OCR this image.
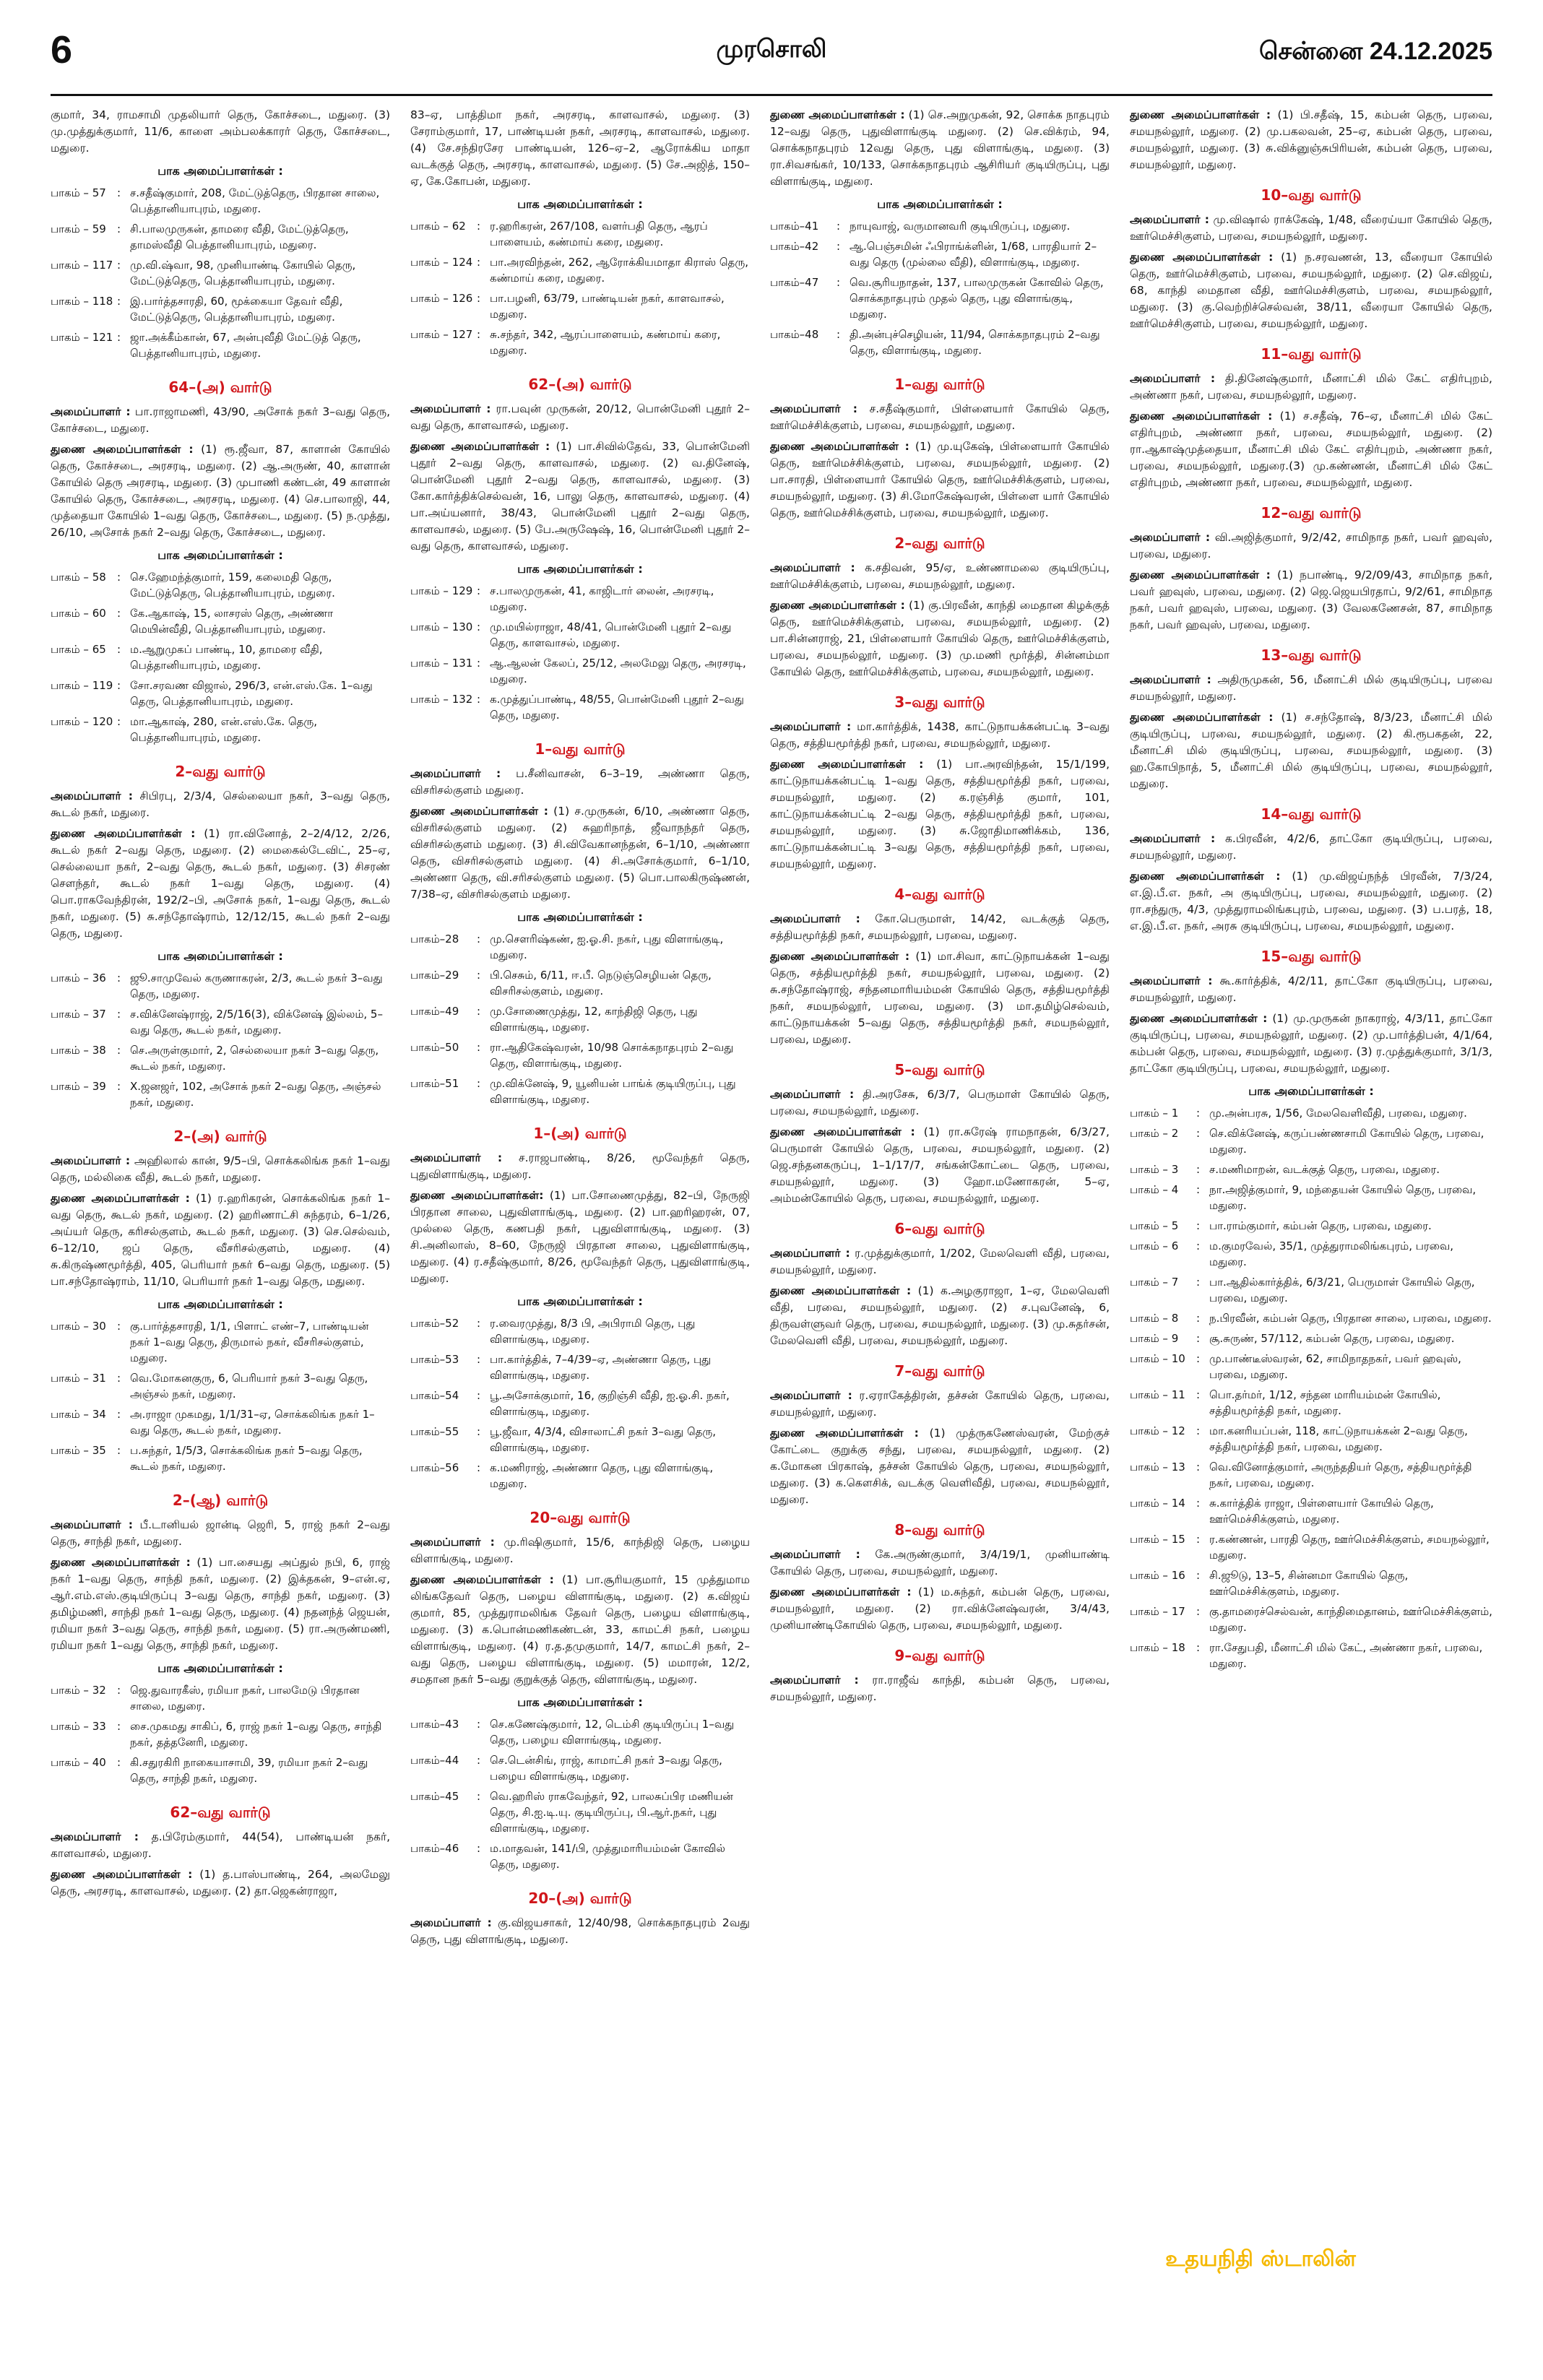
6	முரசொலி	சென்னை 24.12.2025

குமார், 34, ராமசாமி முதலியார் தெரு, கோச்சடை, மதுரை. (3) மு.முத்துக்குமார், 11/6, காளை அம்பலக்காரர் தெரு, கோச்சடை, மதுரை.

பாக அமைப்பாளர்கள் :
பாகம் – 57	:	ச.சதீஷ்குமார், 208, மேட்டுத்தெரு, பிரதான சாலை, பெத்தானியாபுரம், மதுரை.
பாகம் – 59	:	சி.பாலமுருகன், தாமரை வீதி, மேட்டுத்தெரு, தாமஸ்வீதி பெத்தானியாபுரம், மதுரை.
பாகம் – 117	:	மு.வி.ஷ்வா, 98, முனியாண்டி கோயில் தெரு, மேட்டுத்தெரு, பெத்தானியாபுரம், மதுரை.
பாகம் – 118	:	இ.பார்த்தசாரதி, 60, மூக்கையா தேவர் வீதி, மேட்டுத்தெரு, பெத்தானியாபுரம், மதுரை.
பாகம் – 121	:	ஜா.அக்கீம்கான், 67, அன்புவீதி மேட்டுத் தெரு, பெத்தானியாபுரம், மதுரை.
64–(அ) வார்டு

அமைப்பாளர் : பா.ராஜாமணி, 43/90, அசோக் நகர் 3–வது தெரு, கோச்சடை, மதுரை.

துணை அமைப்பாளர்கள் : (1) ரூ.ஜீவா, 87, காளான் கோயில் தெரு, கோச்சடை, அரசரடி, மதுரை. (2) ஆ.அருண், 40, காளான் கோயில் தெரு அரசரடி, மதுரை. (3) முபாணி கண்டன், 49 காளான் கோயில் தெரு, கோச்சடை, அரசரடி, மதுரை. (4) செ.பாலாஜி, 44, முத்தையா கோயில் 1–வது தெரு, கோச்சடை, மதுரை. (5) ந.முத்து, 26/10, அசோக் நகர் 2–வது தெரு, கோச்சடை, மதுரை.

பாக அமைப்பாளர்கள் :
பாகம் – 58	:	செ.ஹேமந்த்குமார், 159, கலைமதி தெரு, மேட்டுத்தெரு, பெத்தானியாபுரம், மதுரை.
பாகம் – 60	:	கே.ஆகாஷ், 15, லாசரஸ் தெரு, அண்ணா மெயின்வீதி, பெத்தானியாபுரம், மதுரை.
பாகம் – 65	:	ம.ஆறுமுகப் பாண்டி, 10, தாமரை வீதி, பெத்தானியாபுரம், மதுரை.
பாகம் – 119	:	சோ.சரவண விஜால், 296/3, என்.எஸ்.கே. 1–வது தெரு, பெத்தானியாபுரம், மதுரை.
பாகம் – 120	:	மா.ஆகாஷ், 280, என்.எஸ்.கே. தெரு, பெத்தானியாபுரம், மதுரை.
2–வது வார்டு

அமைப்பாளர் : சிபிரபு, 2/3/4, செல்லையா நகர், 3–வது தெரு, கூடல் நகர், மதுரை.

துணை அமைப்பாளர்கள் : (1) ரா.வினோத், 2–2/4/12, 2/26, கூடல் நகர் 2–வது தெரு, மதுரை. (2) மைகைல்டேவிட், 25–ஏ, செல்லையா நகர், 2–வது தெரு, கூடல் நகர், மதுரை. (3) சிசரண் சௌந்தர், கூடல் நகர் 1–வது தெரு, மதுரை. (4) பொ.ராகவேந்திரன், 192/2–பி, அசோக் நகர், 1–வது தெரு, கூடல் நகர், மதுரை. (5) சு.சந்தோஷ்ராம், 12/12/15, கூடல் நகர் 2–வது தெரு, மதுரை.

பாக அமைப்பாளர்கள் :
பாகம் – 36	:	ஜூ.சாமுவேல் கருணாகரன், 2/3, கூடல் நகர் 3–வது தெரு, மதுரை.
பாகம் – 37	:	ச.விக்னேஷ்ராஜ், 2/5/16(3), விக்னேஷ் இல்லம், 5–வது தெரு, கூடல் நகர், மதுரை.
பாகம் – 38	:	செ.அருள்குமார், 2, செல்லையா நகர் 3–வது தெரு, கூடல் நகர், மதுரை.
பாகம் – 39	:	X.ஜனஜர், 102, அசோக் நகர் 2–வது தெரு, அஞ்சல் நகர், மதுரை.
2–(அ) வார்டு

அமைப்பாளர் : அஹிலால் கான், 9/5–பி, சொக்கலிங்க நகர் 1–வது தெரு, மல்லிகை வீதி, கூடல் நகர், மதுரை.

துணை அமைப்பாளர்கள் : (1) ர.ஹரிகரன், சொக்கலிங்க நகர் 1–வது தெரு, கூடல் நகர், மதுரை. (2) ஹரிணாட்சி சுந்தரம், 6–1/26, அய்யர் தெரு, கரிசல்குளம், கூடல் நகர், மதுரை. (3) செ.செல்வம், 6–12/10, ஜப் தெரு, வீசரிசல்குளம், மதுரை. (4) சு.கிருஷ்ணமூர்த்தி, 405, பெரியார் நகர் 6–வது தெரு, மதுரை. (5) பா.சந்தோஷ்ராம், 11/10, பெரியார் நகர் 1–வது தெரு, மதுரை.

பாக அமைப்பாளர்கள் :
பாகம் – 30	:	கு.பார்த்தசாரதி, 1/1, பிளாட் எண்–7, பாண்டியன் நகர் 1–வது தெரு, திருமால் நகர், வீசரிசல்குளம், மதுரை.
பாகம் – 31	:	வெ.மோகனகுரு, 6, பெரியார் நகர் 3–வது தெரு, அஞ்சல் நகர், மதுரை.
பாகம் – 34	:	அ.ராஜா முகமது, 1/1/31–ஏ, சொக்கலிங்க நகர் 1–வது தெரு, கூடல் நகர், மதுரை.
பாகம் – 35	:	ப.சுந்தர், 1/5/3, சொக்கலிங்க நகர் 5–வது தெரு, கூடல் நகர், மதுரை.
2–(ஆ) வார்டு

அமைப்பாளர் : பீ.டானியல் ஜான்டி ஜெரி, 5, ராஜ் நகர் 2–வது தெரு, சாந்தி நகர், மதுரை.

துணை அமைப்பாளர்கள் : (1) பா.சையது அப்துல் நபி, 6, ராஜ் நகர் 1–வது தெரு, சாந்தி நகர், மதுரை. (2) இக்தகன், 9–என்.ஏ, ஆர்.எம்.எஸ்.குடியிருப்பு 3–வது தெரு, சாந்தி நகர், மதுரை. (3) தமிழ்மணி, சாந்தி நகர் 1–வது தெரு, மதுரை. (4) நதனந்த் ஜெயன், ரமியா நகர் 3–வது தெரு, சாந்தி நகர், மதுரை. (5) ரா.அருண்மணி, ரமியா நகர் 1–வது தெரு, சாந்தி நகர், மதுரை.

பாக அமைப்பாளர்கள் :
பாகம் – 32	:	ஜெ.துவாரகீஸ், ரமியா நகர், பாலமேடு பிரதான சாலை, மதுரை.
பாகம் – 33	:	சை.முகமது சாகிப், 6, ராஜ் நகர் 1–வது தெரு, சாந்தி நகர், தத்தனேரி, மதுரை.
பாகம் – 40	:	கி.சதுரகிரி நாகையாசாமி, 39, ரமியா நகர் 2–வது தெரு, சாந்தி நகர், மதுரை.
62–வது வார்டு

அமைப்பாளர் : த.பிரேம்குமார், 44(54), பாண்டியன் நகர், காளவாசல், மதுரை.

துணை அமைப்பாளர்கள் : (1) த.பாஸ்பாண்டி, 264, அலமேலு தெரு, அரசரடி, காளவாசல், மதுரை. (2) தா.ஜெகன்ராஜா,

83–ஏ, பாத்திமா நகர், அரசரடி, காளவாசல், மதுரை. (3) சேராம்குமார், 17, பாண்டியன் நகர், அரசரடி, காளவாசல், மதுரை. (4) சே.சந்திரசேர பாண்டியன், 126–ஏ–2, ஆரோக்கிய மாதா வடக்குத் தெரு, அரசரடி, காளவாசல், மதுரை. (5) சே.அஜித், 150–ஏ, கே.கோபன், மதுரை.

பாக அமைப்பாளர்கள் :
பாகம் – 62	:	ர.ஹரிகரன், 267/108, வளர்பதி தெரு, ஆரப் பாளையம், கண்மாய் கரை, மதுரை.
பாகம் – 124	:	பா.அரவிந்தன், 262, ஆரோக்கியமாதா கிராஸ் தெரு, கண்மாய் கரை, மதுரை.
பாகம் – 126	:	பா.பழனி, 63/79, பாண்டியன் நகர், காளவாசல், மதுரை.
பாகம் – 127	:	சு.சந்தர், 342, ஆரப்பாளையம், கண்மாய் கரை, மதுரை.
62–(அ) வார்டு

அமைப்பாளர் : ரா.பவுன் முருகன், 20/12, பொன்மேனி புதூர் 2–வது தெரு, காளவாசல், மதுரை.

துணை அமைப்பாளர்கள் : (1) பா.சிவில்தேவ், 33, பொன்மேனி புதூர் 2–வது தெரு, காளவாசல், மதுரை. (2) வ.தினேஷ், பொன்மேனி புதூர் 2–வது தெரு, காளவாசல், மதுரை. (3) கோ.கார்த்திக்செல்வன், 16, பாலு தெரு, காளவாசல், மதுரை. (4) பா.அய்யனார், 38/43, பொன்மேனி புதூர் 2–வது தெரு, காளவாசல், மதுரை. (5) பே.அருஷேஷ், 16, பொன்மேனி புதூர் 2–வது தெரு, காளவாசல், மதுரை.

பாக அமைப்பாளர்கள் :
பாகம் – 129	:	ச.பாலமுருகன், 41, காஜிடார் லைன், அரசரடி, மதுரை.
பாகம் – 130	:	மு.மயில்ராஜா, 48/41, பொன்மேனி புதூர் 2–வது தெரு, காளவாசல், மதுரை.
பாகம் – 131	:	ஆ.ஆலன் கேலப், 25/12, அலமேலு தெரு, அரசரடி, மதுரை.
பாகம் – 132	:	க.முத்துப்பாண்டி, 48/55, பொன்மேனி புதூர் 2–வது தெரு, மதுரை.
1–வது வார்டு

அமைப்பாளர் : ப.சீனிவாசன், 6–3–19, அண்ணா தெரு, விசரிசல்குளம் மதுரை.

துணை அமைப்பாளர்கள் : (1) ச.முருகன், 6/10, அண்ணா தெரு, விசரிசல்குளம் மதுரை. (2) சுஹரிநாத், ஜீவாநந்தர் தெரு, விசரிசல்குளம் மதுரை. (3) சி.விவேகானந்தன், 6–1/10, அண்ணா தெரு, விசரிசல்குளம் மதுரை. (4) சி.அசோக்குமார், 6–1/10, அண்ணா தெரு, வி.சரிசல்குளம் மதுரை. (5) பொ.பாலகிருஷ்ணன், 7/38–ஏ, விசரிசல்குளம் மதுரை.

பாக அமைப்பாளர்கள் :
பாகம்–28	:	மு.சௌரிஷ்கண், ஐ.ஓ.சி. நகர், புது விளாங்குடி, மதுரை.
பாகம்–29	:	பி.செசும், 6/11, ஈ.பீ. நெடுஞ்செழியன் தெரு, விசரிசல்குளம், மதுரை.
பாகம்–49	:	மு.சோணைமுத்து, 12, காந்திஜி தெரு, புது விளாங்குடி, மதுரை.
பாகம்–50	:	ரா.ஆதிகேஷ்வரன், 10/98 சொக்கநாதபுரம் 2–வது தெரு, விளாங்குடி, மதுரை.
பாகம்–51	:	மு.விக்னேஷ், 9, யூனியன் பாங்க் குடியிருப்பு, புது விளாங்குடி, மதுரை.
1–(அ) வார்டு

அமைப்பாளர் : ச.ராஜபாண்டி, 8/26, மூவேந்தர் தெரு, புதுவிளாங்குடி, மதுரை.

துணை அமைப்பாளர்கள்: (1) பா.சோணைமுத்து, 82–பி, நேருஜி பிரதான சாலை, புதுவிளாங்குடி, மதுரை. (2) பா.ஹரிஹரன், 07, முல்லை தெரு, கணபதி நகர், புதுவிளாங்குடி, மதுரை. (3) சி.அனிலாஸ், 8–60, நேருஜி பிரதான சாலை, புதுவிளாங்குடி, மதுரை. (4) ர.சதீஷ்குமார், 8/26, மூவேந்தர் தெரு, புதுவிளாங்குடி, மதுரை.

பாக அமைப்பாளர்கள் :
பாகம்–52	:	ர.வைரமுத்து, 8/3 பி, அபிராமி தெரு, புது விளாங்குடி, மதுரை.
பாகம்–53	:	பா.கார்த்திக், 7–4/39–ஏ, அண்ணா தெரு, புது விளாங்குடி, மதுரை.
பாகம்–54	:	பூ.அசோக்குமார், 16, குறிஞ்சி வீதி, ஐ.ஓ.சி. நகர், விளாங்குடி, மதுரை.
பாகம்–55	:	பூ.ஜீவா, 4/3/4, விசாலாட்சி நகர் 3–வது தெரு, விளாங்குடி, மதுரை.
பாகம்–56	:	க.மணிராஜ், அண்ணா தெரு, புது விளாங்குடி, மதுரை.
20–வது வார்டு

அமைப்பாளர் : மு.ரிஷிகுமார், 15/6, காந்திஜி தெரு, பழைய விளாங்குடி, மதுரை.

துணை அமைப்பாளர்கள் : (1) பா.சூரியகுமார், 15 முத்துமாம லிங்கதேவர் தெரு, பழைய விளாங்குடி, மதுரை. (2) க.விஜய் குமார், 85, முத்துராமலிங்க தேவர் தெரு, பழைய விளாங்குடி, மதுரை. (3) க.பொன்மணிகண்டன், 33, காமட்சி நகர், பழைய விளாங்குடி, மதுரை. (4) ர.த.தமுகுமார், 14/7, காமட்சி நகர், 2–வது தெரு, பழைய விளாங்குடி, மதுரை. (5) மமாரன், 12/2, சமதான நகர் 5–வது குறுக்குத் தெரு, விளாங்குடி, மதுரை.

பாக அமைப்பாளர்கள் :
பாகம்–43	:	செ.கணேஷ்குமார், 12, டெம்சி குடியிருப்பு 1–வது தெரு, பழைய விளாங்குடி, மதுரை.
பாகம்–44	:	செ.டென்சிங், ராஜ், காமாட்சி நகர் 3–வது தெரு, பழைய விளாங்குடி, மதுரை.
பாகம்–45	:	வெ.ஹரிஸ் ராகவேந்தர், 92, பாலசுப்பிர மணியன் தெரு, சி.ஐ.டி.யு. குடியிருப்பு, பி.ஆர்.நகர், புது விளாங்குடி, மதுரை.
பாகம்–46	:	ம.மாதவன், 141/பி, முத்துமாரியம்மன் கோவில் தெரு, மதுரை.
20–(அ) வார்டு

அமைப்பாளர் : கு.விஜயசாகர், 12/40/98, சொக்கநாதபுரம் 2வது தெரு, புது விளாங்குடி, மதுரை.

துணை அமைப்பாளர்கள் : (1) செ.அறுமுகன், 92, சொக்க நாதபுரம் 12–வது தெரு, புதுவிளாங்குடி மதுரை. (2) செ.விக்ரம், 94, சொக்கநாதபுரம் 12வது தெரு, புது விளாங்குடி, மதுரை. (3) ரா.சிவசங்கர், 10/133, சொக்கநாதபுரம் ஆசிரியர் குடியிருப்பு, புது விளாங்குடி, மதுரை.

பாக அமைப்பாளர்கள் :
பாகம்–41	:	நாயுவாஜ், வருமானவரி குடியிருப்பு, மதுரை.
பாகம்–42	:	ஆ.பெஞ்சமின் ஃபிராங்க்ளின், 1/68, பாரதியார் 2–வது தெரு (முல்லை வீதி), விளாங்குடி, மதுரை.
பாகம்–47	:	வெ.சூரியநாதன், 137, பாலமுருகன் கோவில் தெரு, சொக்கநாதபுரம் முதல் தெரு, புது விளாங்குடி, மதுரை.
பாகம்–48	:	தி.அன்புச்செழியன், 11/94, சொக்கநாதபுரம் 2–வது தெரு, விளாங்குடி, மதுரை.
1–வது வார்டு

அமைப்பாளர் : ச.சதீஷ்குமார், பிள்ளையார் கோயில் தெரு, ஊர்மெச்சிக்குளம், பரவை, சமயநல்லூர், மதுரை.

துணை அமைப்பாளர்கள் : (1) மு.யுகேஷ், பிள்ளையார் கோயில் தெரு, ஊர்மெச்சிக்குளம், பரவை, சமயநல்லூர், மதுரை. (2) பா.சாரதி, பிள்ளையார் கோயில் தெரு, ஊர்மெச்சிக்குளம், பரவை, சமயநல்லூர், மதுரை. (3) சி.மோகேஷ்வரன், பிள்ளை யார் கோயில் தெரு, ஊர்மெச்சிக்குளம், பரவை, சமயநல்லூர், மதுரை.

2–வது வார்டு

அமைப்பாளர் : க.சதிவன், 95/ஏ, உண்ணாமலை குடியிருப்பு, ஊர்மெச்சிக்குளம், பரவை, சமயநல்லூர், மதுரை.

துணை அமைப்பாளர்கள் : (1) கு.பிரவீன், காந்தி மைதான கிழக்குத் தெரு, ஊர்மெச்சிக்குளம், பரவை, சமயநல்லூர், மதுரை. (2) பா.சின்னராஜ், 21, பிள்ளையார் கோயில் தெரு, ஊர்மெச்சிக்குளம், பரவை, சமயநல்லூர், மதுரை. (3) மு.மணி மூர்த்தி, சின்னம்மா கோயில் தெரு, ஊர்மெச்சிக்குளம், பரவை, சமயநல்லூர், மதுரை.

3–வது வார்டு

அமைப்பாளர் : மா.கார்த்திக், 1438, காட்டுநாயக்கன்பட்டி 3–வது தெரு, சத்தியமூர்த்தி நகர், பரவை, சமயநல்லூர், மதுரை.

துணை அமைப்பாளர்கள் : (1) பா.அரவிந்தன், 15/1/199, காட்டுநாயக்கன்பட்டி 1–வது தெரு, சத்தியமூர்த்தி நகர், பரவை, சமயநல்லூர், மதுரை. (2) க.ரஞ்சித் குமார், 101, காட்டுநாயக்கன்பட்டி 2–வது தெரு, சத்தியமூர்த்தி நகர், பரவை, சமயநல்லூர், மதுரை. (3) சு.ஜோதிமாணிக்கம், 136, காட்டுநாயக்கன்பட்டி 3–வது தெரு, சத்தியமூர்த்தி நகர், பரவை, சமயநல்லூர், மதுரை.

4–வது வார்டு

அமைப்பாளர் : கோ.பெருமாள், 14/42, வடக்குத் தெரு, சத்தியமூர்த்தி நகர், சமயநல்லூர், பரவை, மதுரை.

துணை அமைப்பாளர்கள் : (1) மா.சிவா, காட்டுநாயக்கன் 1–வது தெரு, சத்தியமூர்த்தி நகர், சமயநல்லூர், பரவை, மதுரை. (2) சு.சந்தோஷ்ராஜ், சந்தனமாரியம்மன் கோயில் தெரு, சத்தியமூர்த்தி நகர், சமயநல்லூர், பரவை, மதுரை. (3) மா.தமிழ்செல்வம், காட்டுநாயக்கன் 5–வது தெரு, சத்தியமூர்த்தி நகர், சமயநல்லூர், பரவை, மதுரை.

5–வது வார்டு

அமைப்பாளர் : தி.அரசேசு, 6/3/7, பெருமாள் கோயில் தெரு, பரவை, சமயநல்லூர், மதுரை.

துணை அமைப்பாளர்கள் : (1) ரா.சுரேஷ் ராமநாதன், 6/3/27, பெருமாள் கோயில் தெரு, பரவை, சமயநல்லூர், மதுரை. (2) ஜெ.சந்தனகருப்பு, 1–1/17/7, சங்கன்கோட்டை தெரு, பரவை, சமயநல்லூர், மதுரை. (3) ஹோ.மணோகரன், 5–ஏ, அம்மன்கோயில் தெரு, பரவை, சமயநல்லூர், மதுரை.

6–வது வார்டு

அமைப்பாளர் : ர.முத்துக்குமார், 1/202, மேலவெளி வீதி, பரவை, சமயநல்லூர், மதுரை.

துணை அமைப்பாளர்கள் : (1) க.அழகுராஜா, 1–ஏ, மேலவெளி வீதி, பரவை, சமயநல்லூர், மதுரை. (2) ச.புவனேஷ், 6, திருவள்ளுவர் தெரு, பரவை, சமயநல்லூர், மதுரை. (3) மு.சுதர்சன், மேலவெளி வீதி, பரவை, சமயநல்லூர், மதுரை.

7–வது வார்டு

அமைப்பாளர் : ர.ஏராகேத்திரன், தச்சன் கோயில் தெரு, பரவை, சமயநல்லூர், மதுரை.

துணை அமைப்பாளர்கள் : (1) முத்ருகணேஸ்வரன், மேற்குச் கோட்டை குறுக்கு சந்து, பரவை, சமயநல்லூர், மதுரை. (2) க.மோகன பிரகாஷ், தச்சன் கோயில் தெரு, பரவை, சமயநல்லூர், மதுரை. (3) க.கௌசிக், வடக்கு வெளிவீதி, பரவை, சமயநல்லூர், மதுரை.

8–வது வார்டு

அமைப்பாளர் : கே.அருண்குமார், 3/4/19/1, முனியாண்டி கோயில் தெரு, பரவை, சமயநல்லூர், மதுரை.

துணை அமைப்பாளர்கள் : (1) ம.சுந்தர், கம்பன் தெரு, பரவை, சமயநல்லூர், மதுரை. (2) ரா.விக்னேஷ்வரன், 3/4/43, முனியாண்டிகோயில் தெரு, பரவை, சமயநல்லூர், மதுரை.

9–வது வார்டு

அமைப்பாளர் : ரா.ராஜீவ் காந்தி, கம்பன் தெரு, பரவை, சமயநல்லூர், மதுரை.

துணை அமைப்பாளர்கள் : (1) பி.சதீஷ், 15, கம்பன் தெரு, பரவை, சமயநல்லூர், மதுரை. (2) மு.பகலவன், 25–ஏ, கம்பன் தெரு, பரவை, சமயநல்லூர், மதுரை. (3) சு.விக்னுஞ்சுபிரியன், கம்பன் தெரு, பரவை, சமயநல்லூர், மதுரை.

10–வது வார்டு

அமைப்பாளர் : மு.விஷால் ராக்கேஷ், 1/48, வீரைய்யா கோயில் தெரு, ஊர்மெச்சிகுளம், பரவை, சமயநல்லூர், மதுரை.

துணை அமைப்பாளர்கள் : (1) ந.சரவணன், 13, வீரையா கோயில் தெரு, ஊர்மெச்சிகுளம், பரவை, சமயநல்லூர், மதுரை. (2) செ.விஜய், 68, காந்தி மைதான வீதி, ஊர்மெச்சிகுளம், பரவை, சமயநல்லூர், மதுரை. (3) கு.வெற்றிச்செல்வன், 38/11, வீரையா கோயில் தெரு, ஊர்மெச்சிகுளம், பரவை, சமயநல்லூர், மதுரை.

11–வது வார்டு

அமைப்பாளர் : தி.தினேஷ்குமார், மீனாட்சி மில் கேட் எதிர்புறம், அண்ணா நகர், பரவை, சமயநல்லூர், மதுரை.

துணை அமைப்பாளர்கள் : (1) ச.சதீஷ், 76–ஏ, மீனாட்சி மில் கேட் எதிர்புறம், அண்ணா நகர், பரவை, சமயநல்லூர், மதுரை. (2) ரா.ஆகாஷ்முத்தையா, மீனாட்சி மில் கேட் எதிர்புறம், அண்ணா நகர், பரவை, சமயநல்லூர், மதுரை.(3) மு.கண்ணன், மீனாட்சி மில் கேட் எதிர்புறம், அண்ணா நகர், பரவை, சமயநல்லூர், மதுரை.

12–வது வார்டு

அமைப்பாளர் : வி.அஜித்குமார், 9/2/42, சாமிநாத நகர், பவர் ஹவுஸ், பரவை, மதுரை.

துணை அமைப்பாளர்கள் : (1) நபாண்டி, 9/2/09/43, சாமிநாத நகர், பவர் ஹவுஸ், பரவை, மதுரை. (2) ஜெ.ஜெயபிரதாப், 9/2/61, சாமிநாத நகர், பவர் ஹவுஸ், பரவை, மதுரை. (3) வேலகணேசன், 87, சாமிநாத நகர், பவர் ஹவுஸ், பரவை, மதுரை.

13–வது வார்டு

அமைப்பாளர் : அதிருமுகன், 56, மீனாட்சி மில் குடியிருப்பு, பரவை சமயநல்லூர், மதுரை.

துணை அமைப்பாளர்கள் : (1) ச.சந்தோஷ், 8/3/23, மீனாட்சி மில் குடியிருப்பு, பரவை, சமயநல்லூர், மதுரை. (2) கி.ரூபகதன், 22, மீனாட்சி மில் குடியிருப்பு, பரவை, சமயநல்லூர், மதுரை. (3) ஹ.கோபிநாத், 5, மீனாட்சி மில் குடியிருப்பு, பரவை, சமயநல்லூர், மதுரை.

14–வது வார்டு

அமைப்பாளர் : க.பிரவீன், 4/2/6, தாட்கோ குடியிருப்பு, பரவை, சமயநல்லூர், மதுரை.

துணை அமைப்பாளர்கள் : (1) மு.விஜய்நந்த் பிரவீன், 7/3/24, எ.இ.பீ.எ. நகர், அ குடியிருப்பு, பரவை, சமயநல்லூர், மதுரை. (2) ரா.சந்துரு, 4/3, முத்துராமலிங்கபுரம், பரவை, மதுரை. (3) ப.பரத், 18, எ.இ.பீ.எ. நகர், அரசு குடியிருப்பு, பரவை, சமயநல்லூர், மதுரை.

15–வது வார்டு

அமைப்பாளர் : கூ.கார்த்திக், 4/2/11, தாட்கோ குடியிருப்பு, பரவை, சமயநல்லூர், மதுரை.

துணை அமைப்பாளர்கள் : (1) மு.முருகன் நாகராஜ், 4/3/11, தாட்கோ குடியிருப்பு, பரவை, சமயநல்லூர், மதுரை. (2) மு.பார்த்திபன், 4/1/64, கம்பன் தெரு, பரவை, சமயநல்லூர், மதுரை. (3) ர.முத்துக்குமார், 3/1/3, தாட்கோ குடியிருப்பு, பரவை, சமயநல்லூர், மதுரை.

பாக அமைப்பாளர்கள் :
பாகம் – 1	:	மு.அன்பரசு, 1/56, மேலவெளிவீதி, பரவை, மதுரை.
பாகம் – 2	:	செ.விக்னேஷ், கருப்பண்ணசாமி கோயில் தெரு, பரவை, மதுரை.
பாகம் – 3	:	ச.மணிமாறன், வடக்குத் தெரு, பரவை, மதுரை.
பாகம் – 4	:	நா.அஜித்குமார், 9, மந்தையன் கோயில் தெரு, பரவை, மதுரை.
பாகம் – 5	:	பா.ராம்குமார், கம்பன் தெரு, பரவை, மதுரை.
பாகம் – 6	:	ம.குமரவேல், 35/1, முத்துராமலிங்கபுரம், பரவை, மதுரை.
பாகம் – 7	:	பா.ஆதில்கார்த்திக், 6/3/21, பெருமாள் கோயில் தெரு, பரவை, மதுரை.
பாகம் – 8	:	ந.பிரவீன், கம்பன் தெரு, பிரதான சாலை, பரவை, மதுரை.
பாகம் – 9	:	சூ.சுருண், 57/112, கம்பன் தெரு, பரவை, மதுரை.
பாகம் – 10	:	மு.பாண்டீஸ்வரன், 62, சாமிநாதநகர், பவர் ஹவுஸ், பரவை, மதுரை.
பாகம் – 11	:	பொ.தர்மர், 1/12, சந்தன மாரியம்மன் கோயில், சத்தியமூர்த்தி நகர், மதுரை.
பாகம் – 12	:	மா.கனரியப்பன், 118, காட்டுநாயக்கன் 2–வது தெரு, சத்தியமூர்த்தி நகர், பரவை, மதுரை.
பாகம் – 13	:	வெ.வினோத்குமார், அருந்ததியர் தெரு, சத்தியமூர்த்தி நகர், பரவை, மதுரை.
பாகம் – 14	:	சு.கார்த்திக் ராஜா, பிள்ளையார் கோயில் தெரு, ஊர்மெச்சிக்குளம், மதுரை.
பாகம் – 15	:	ர.கண்ணன், பாரதி தெரு, ஊர்மெச்சிக்குளம், சமயநல்லூர், மதுரை.
பாகம் – 16	:	சி.ஜூடு, 13–5, சின்னமா கோயில் தெரு, ஊர்மெச்சிக்குளம், மதுரை.
பாகம் – 17	:	கு.தாமரைச்செல்வன், காந்திமைதானம், ஊர்மெச்சிக்குளம், மதுரை.
பாகம் – 18	:	ரா.சேதுபதி, மீனாட்சி மில் கேட், அண்ணா நகர், பரவை, மதுரை.
உதயநிதி ஸ்டாலின்
